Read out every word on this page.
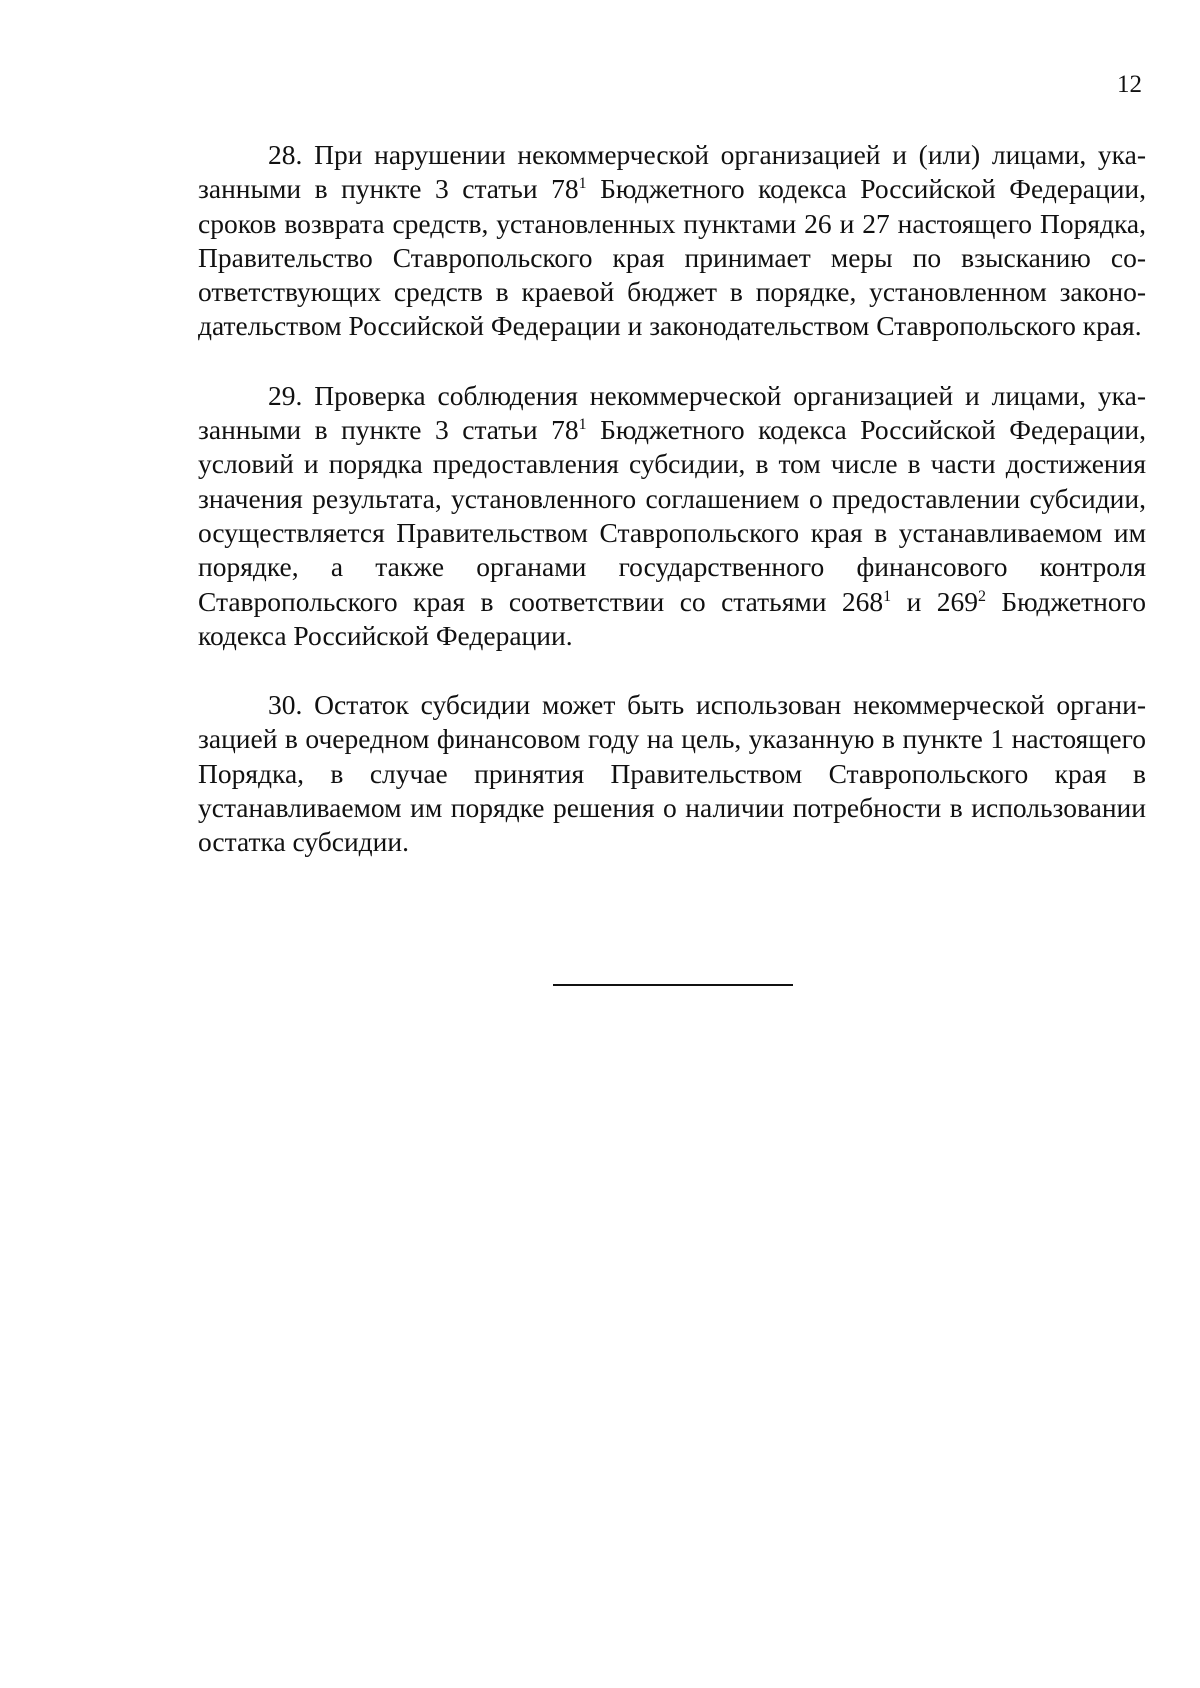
12

28. При нарушении некоммерческой организацией и (или) лицами, указанными в пункте 3 статьи $78^1$ Бюджетного кодекса Российской Федерации, сроков возврата средств, установленных пунктами 26 и 27 настоящего Порядка, Правительство Ставропольского края принимает меры по взысканию соответствующих средств в краевой бюджет в порядке, установленном законодательством Российской Федерации и законодательством Ставропольского края.

29. Проверка соблюдения некоммерческой организацией и лицами, указанными в пункте 3 статьи $78^1$ Бюджетного кодекса Российской Федерации, условий и порядка предоставления субсидии, в том числе в части достижения значения результата, установленного соглашением о предоставлении субсидии, осуществляется Правительством Ставропольского края в устанавливаемом им порядке, а также органами государственного финансового контроля Ставропольского края в соответствии со статьями $268^1$ и $269^2$ Бюджетного кодекса Российской Федерации.

30. Остаток субсидии может быть использован некоммерческой организацией в очередном финансовом году на цель, указанную в пункте 1 настоящего Порядка, в случае принятия Правительством Ставропольского края в устанавливаемом им порядке решения о наличии потребности в использовании остатка субсидии.
